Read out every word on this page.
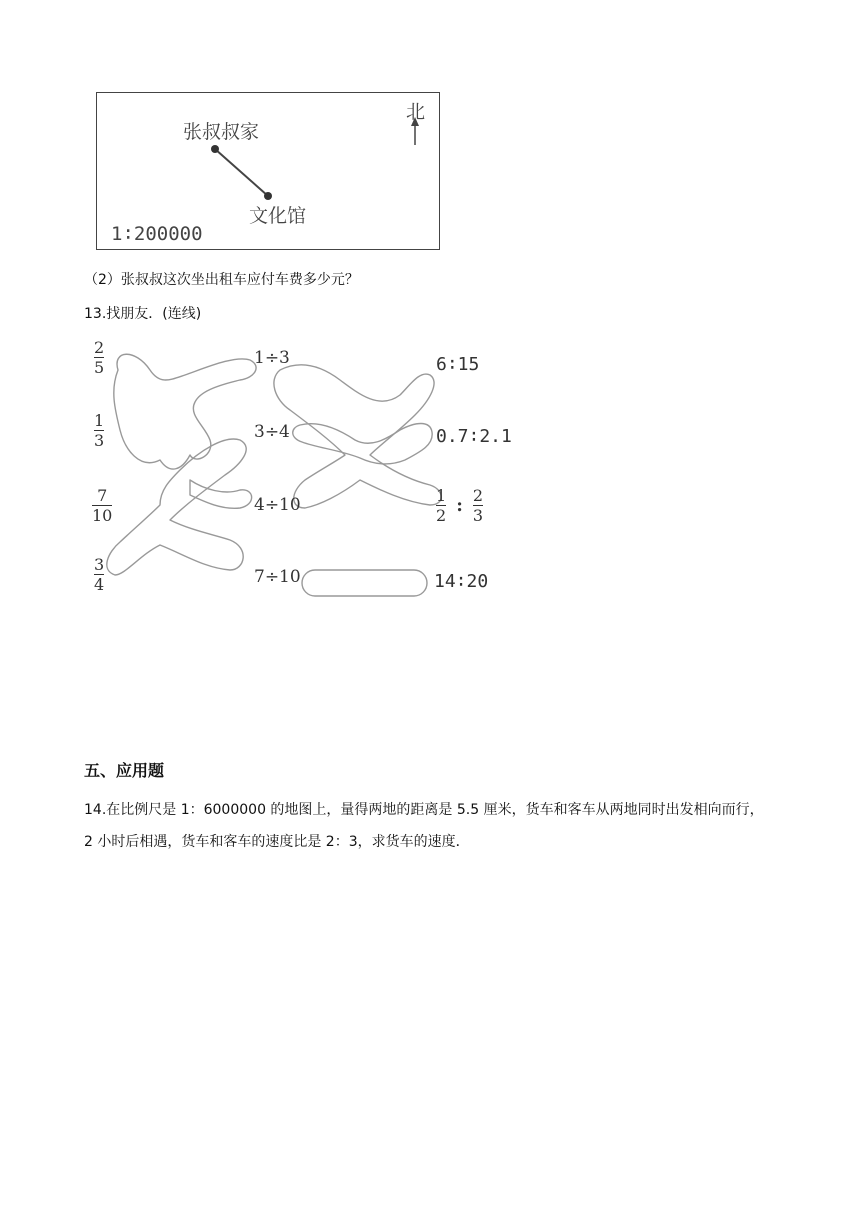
张叔叔家
文化馆
北
1∶200000
（2）张叔叔这次坐出租车应付车费多少元？
13.找朋友．(连线)
2
5
1
3
7
10
3
4
1÷3
3÷4
4÷10
7÷10
6∶15
0.7∶2.1
$\frac{1}{2}$ : $\frac{2}{3}$
14∶20
五、应用题
14.在比例尺是 1：6000000 的地图上，量得两地的距离是 5.5 厘米，货车和客车从两地同时出发相向而行，
2 小时后相遇，货车和客车的速度比是 2：3，求货车的速度．
